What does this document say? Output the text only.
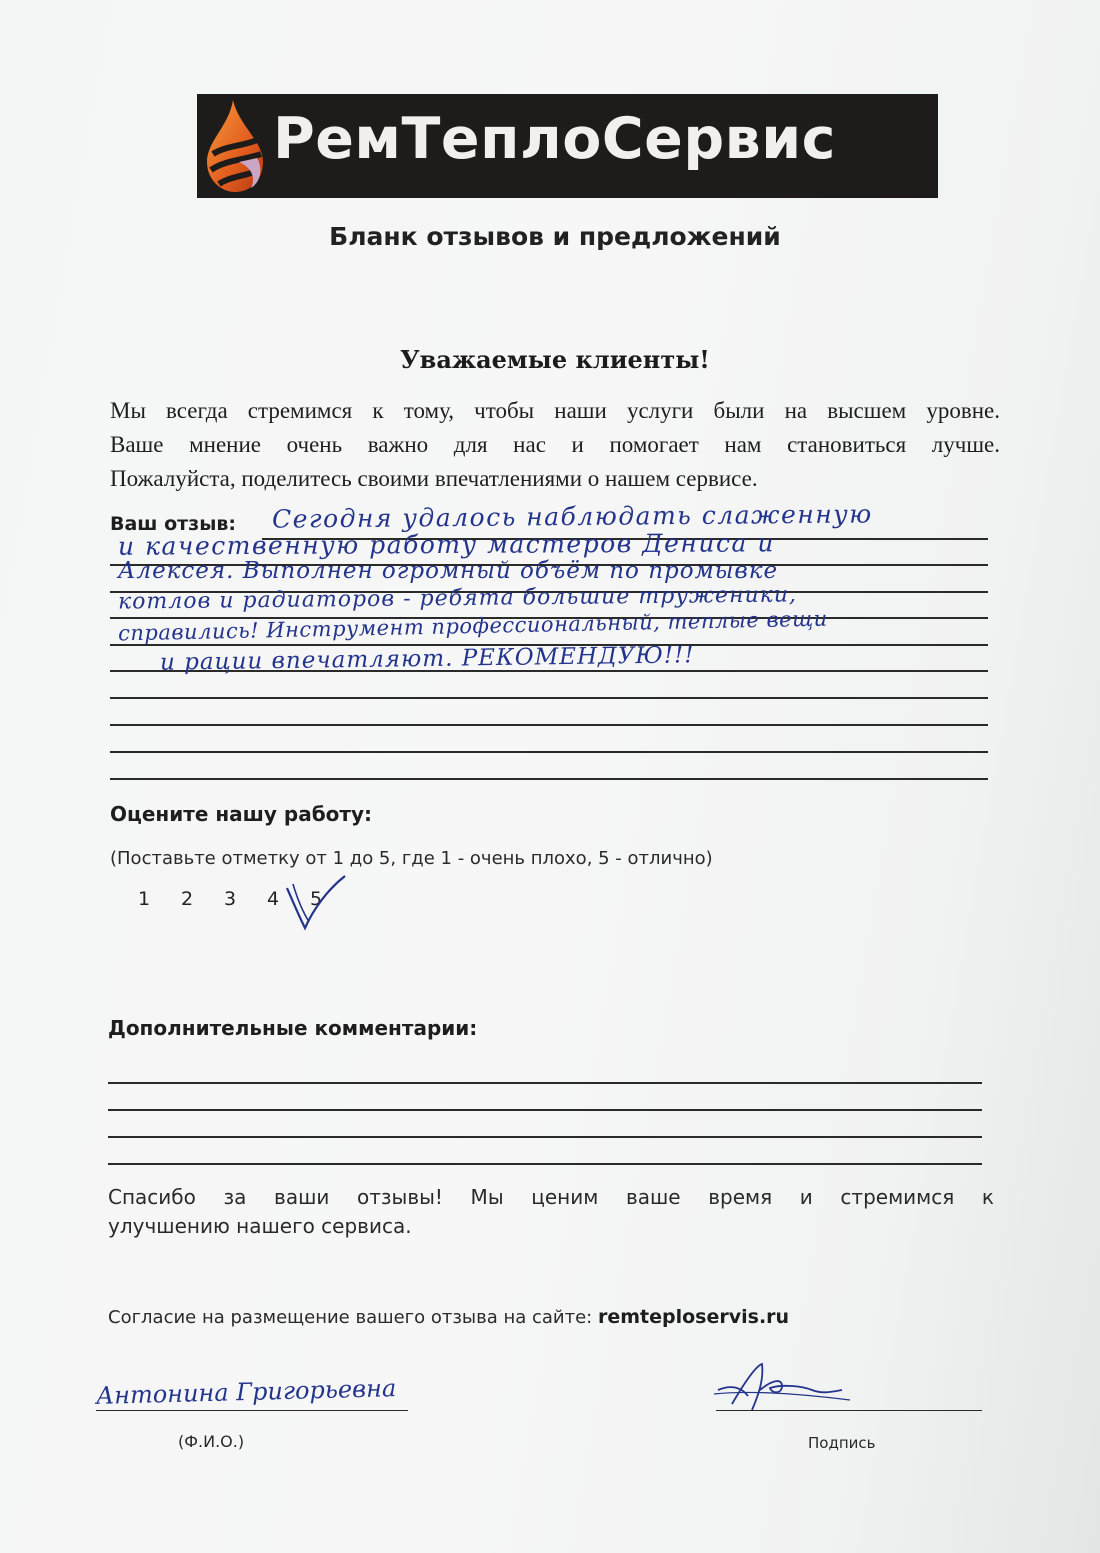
РемТеплоСервис
Бланк отзывов и предложений
Уважаемые клиенты!
Мы всегда стремимся к тому, чтобы наши услуги были на высшем уровне.
Ваше мнение очень важно для нас и помогает нам становиться лучше.
Пожалуйста, поделитесь своими впечатлениями о нашем сервисе.
Ваш отзыв: Сегодня удалось наблюдать слаженную
и качественную работу мастеров Дениса и
Алексея. Выполнен огромный объём по промывке
котлов и радиаторов - ребята большие труженики,
справились! Инструмент профессиональный, теплые вещи
и рации впечатляют. РЕКОМЕНДУЮ!!!
Оцените нашу работу:
(Поставьте отметку от 1 до 5, где 1 - очень плохо, 5 - отлично)
1 2 3 4 5
Дополнительные комментарии:
Спасибо за ваши отзывы! Мы ценим ваше время и стремимся к
улучшению нашего сервиса.
Согласие на размещение вашего отзыва на сайте: remteploservis.ru
Антонина Григорьевна
(Ф.И.О.)	Подпись
